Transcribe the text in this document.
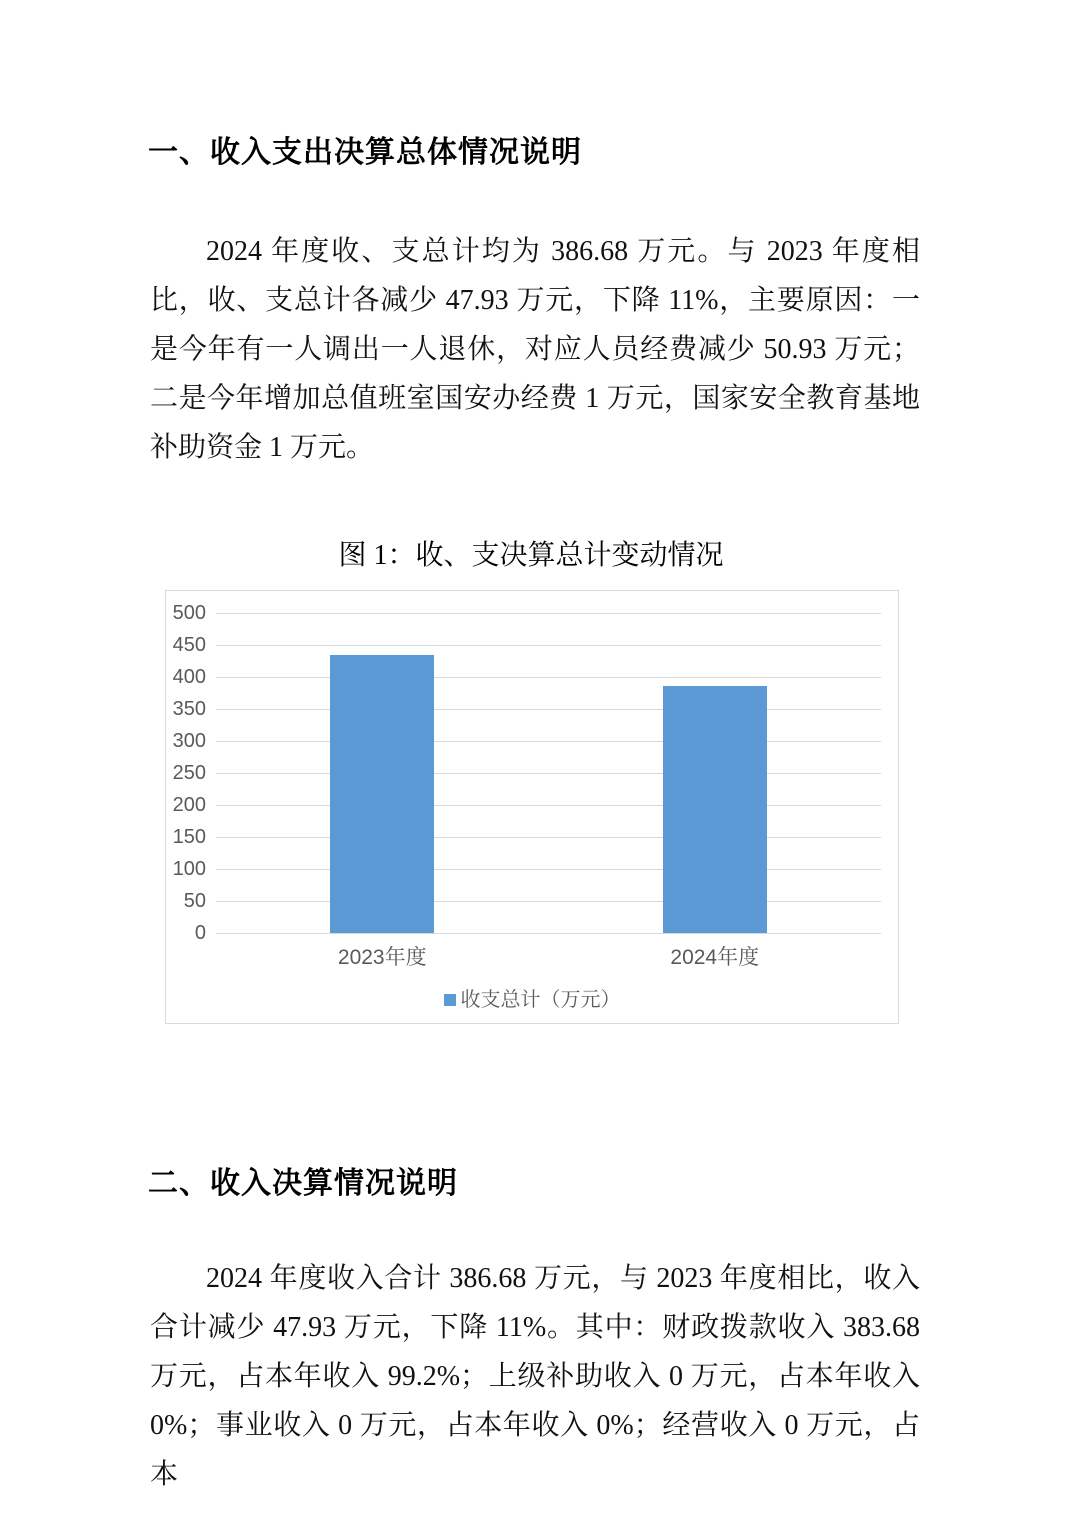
一、收入支出决算总体情况说明
2024 年度收、支总计均为 386.68 万元。与 2023 年度相比，收、支总计各减少 47.93 万元，下降 11%，主要原因：一是今年有一人调出一人退休，对应人员经费减少 50.93 万元；二是今年增加总值班室国安办经费 1 万元，国家安全教育基地补助资金 1 万元。
图 1：收、支决算总计变动情况
0
50
100
150
200
250
300
350
400
450
500
2023年度	2024年度
收支总计（万元）
二、收入决算情况说明
2024 年度收入合计 386.68 万元，与 2023 年度相比，收入合计减少 47.93 万元，下降 11%。其中：财政拨款收入 383.68 万元，占本年收入 99.2%；上级补助收入 0 万元，占本年收入 0%；事业收入 0 万元，占本年收入 0%；经营收入 0 万元，占本
